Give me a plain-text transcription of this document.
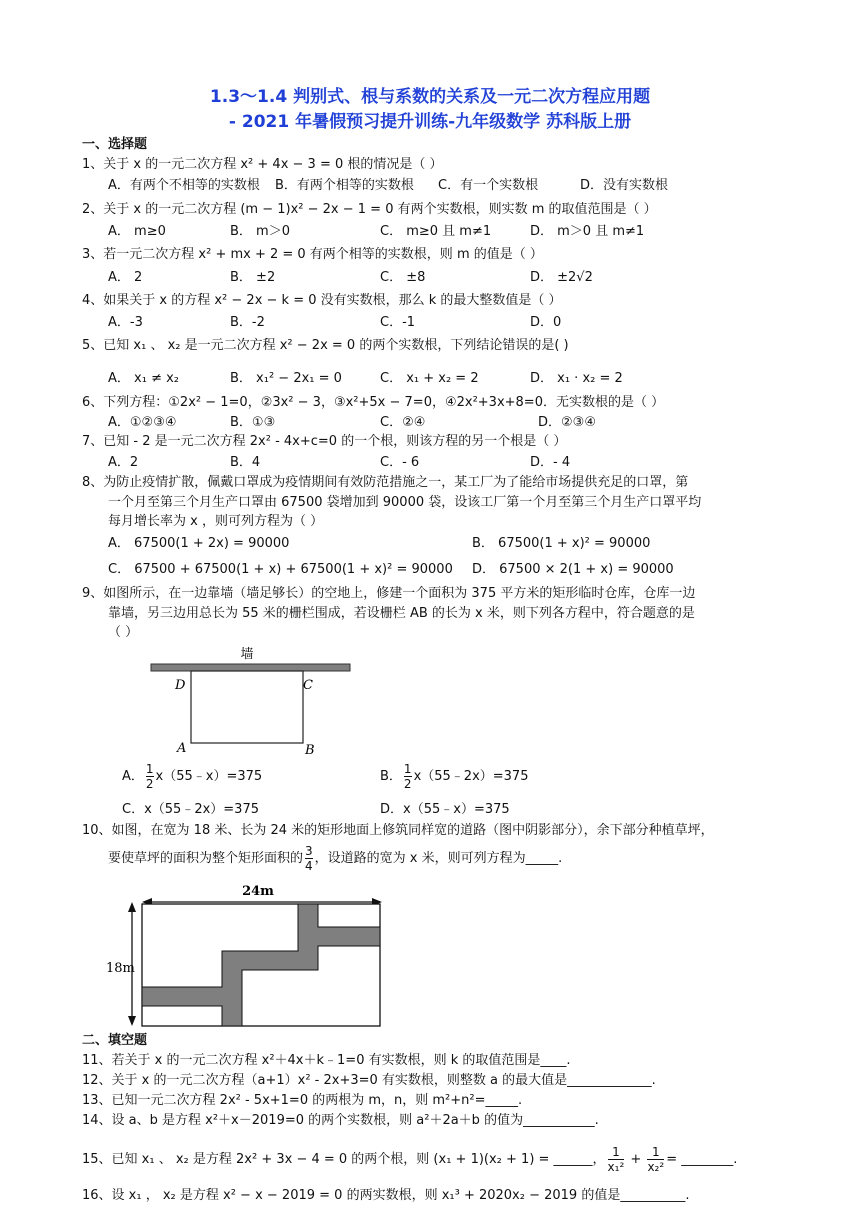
1.3～1.4 判别式、根与系数的关系及一元二次方程应用题
- 2021 年暑假预习提升训练-九年级数学 苏科版上册
一、选择题
1、关于 x 的一元二次方程 x² + 4x − 3 = 0 根的情况是（ ）
A．有两个不相等的实数根 B．有两个相等的实数根 C．有一个实数根	D．没有实数根
2、关于 x 的一元二次方程 (m − 1)x² − 2x − 1 = 0 有两个实数根，则实数 m 的取值范围是（ ）
A． m≥0	B． m＞0	C． m≥0 且 m≠1	D． m＞0 且 m≠1
3、若一元二次方程 x² + mx + 2 = 0 有两个相等的实数根，则 m 的值是（ ）
A． 2	B． ±2	C． ±8	D． ±2√2
4、如果关于 x 的方程 x² − 2x − k = 0 没有实数根，那么 k 的最大整数值是（ ）
A．-3	B．-2	C．-1	D．0
5、已知 x₁ 、 x₂ 是一元二次方程 x² − 2x = 0 的两个实数根，下列结论错误的是( )
A． x₁ ≠ x₂	B． x₁² − 2x₁ = 0	C． x₁ + x₂ = 2	D． x₁ · x₂ = 2
6、下列方程：①2x² − 1=0，②3x² − 3，③x²+5x − 7=0，④2x²+3x+8=0．无实数根的是（ ）
A．①②③④	B．①③	C．②④	D．②③④
7、已知 - 2 是一元二次方程 2x² - 4x+c=0 的一个根，则该方程的另一个根是（ ）
A．2	B．4	C．- 6	D．- 4
8、为防止疫情扩散，佩戴口罩成为疫情期间有效防范措施之一，某工厂为了能给市场提供充足的口罩，第
一个月至第三个月生产口罩由 67500 袋增加到 90000 袋，设该工厂第一个月至第三个月生产口罩平均
每月增长率为 x ，则可列方程为（ ）
A． 67500(1 + 2x) = 90000	B． 67500(1 + x)² = 90000
C． 67500 + 67500(1 + x) + 67500(1 + x)² = 90000 D． 67500 × 2(1 + x) = 90000
9、如图所示，在一边靠墙（墙足够长）的空地上，修建一个面积为 375 平方米的矩形临时仓库，仓库一边
靠墙，另三边用总长为 55 米的栅栏围成，若设栅栏 AB 的长为 x 米，则下列各方程中，符合题意的是
（ ）
墙
D	C
A	B
A． $\frac{1}{2}$ x（55﹣x）=375	B． $\frac{1}{2}$ x（55﹣2x）=375
C．x（55﹣2x）=375	D．x（55﹣x）=375
10、如图，在宽为 18 米、长为 24 米的矩形地面上修筑同样宽的道路（图中阴影部分），余下部分种植草坪，
要使草坪的面积为整个矩形面积的 $\frac{3}{4}$ ，设道路的宽为 x 米，则可列方程为_____.
24m
18m
二、填空题
11、若关于 x 的一元二次方程 x²＋4x＋k﹣1=0 有实数根，则 k 的取值范围是____.
12、关于 x 的一元二次方程（a+1）x² - 2x+3=0 有实数根，则整数 a 的最大值是_____________.
13、已知一元二次方程 2x² - 5x+1=0 的两根为 m，n，则 m²+n²=_____.
14、设 a、b 是方程 x²＋x－2019=0 的两个实数根，则 a²＋2a＋b 的值为___________.
15、已知 x₁ 、 x₂ 是方程 2x² + 3x − 4 = 0 的两个根，则 (x₁ + 1)(x₂ + 1) = ______， $\frac{1}{\text{x₁²}} + \frac{1}{\text{x₂²}}$ = ________.
16、设 x₁ ， x₂ 是方程 x² − x − 2019 = 0 的两实数根，则 x₁³ + 2020x₂ − 2019 的值是__________.
